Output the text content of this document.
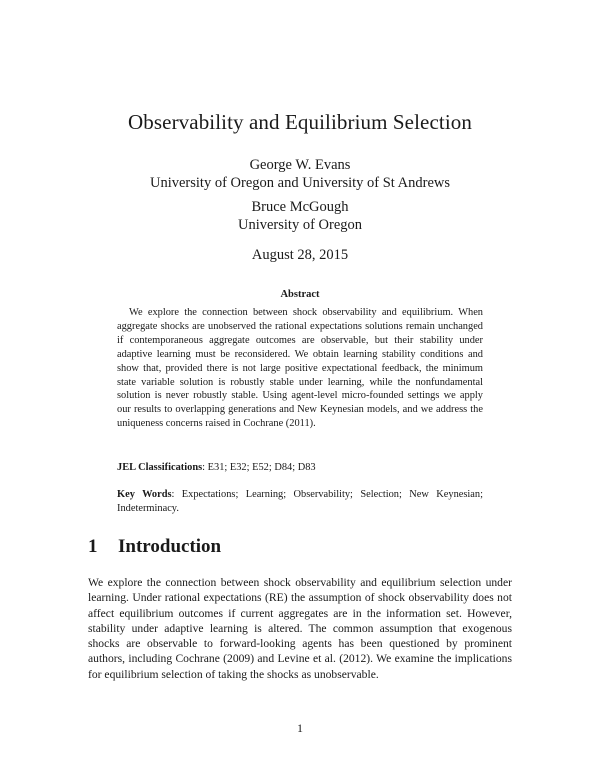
Observability and Equilibrium Selection
George W. Evans
University of Oregon and University of St Andrews
Bruce McGough
University of Oregon
August 28, 2015
Abstract
We explore the connection between shock observability and equilibrium. When aggregate shocks are unobserved the rational expectations solutions remain unchanged if contemporaneous aggregate outcomes are observable, but their stability under adaptive learning must be reconsidered. We obtain learning stability conditions and show that, provided there is not large positive expectational feedback, the minimum state variable solution is robustly stable under learning, while the nonfundamental solution is never robustly stable. Using agent-level micro-founded settings we apply our results to overlapping generations and New Keynesian models, and we address the uniqueness concerns raised in Cochrane (2011).
JEL Classifications: E31; E32; E52; D84; D83
Key Words: Expectations; Learning; Observability; Selection; New Keynesian; Indeterminacy.
1 Introduction
We explore the connection between shock observability and equilibrium selection under learning. Under rational expectations (RE) the assumption of shock observability does not affect equilibrium outcomes if current aggregates are in the information set. However, stability under adaptive learning is altered. The common assumption that exogenous shocks are observable to forward-looking agents has been questioned by prominent authors, including Cochrane (2009) and Levine et al. (2012). We examine the implications for equilibrium selection of taking the shocks as unobservable.
1
